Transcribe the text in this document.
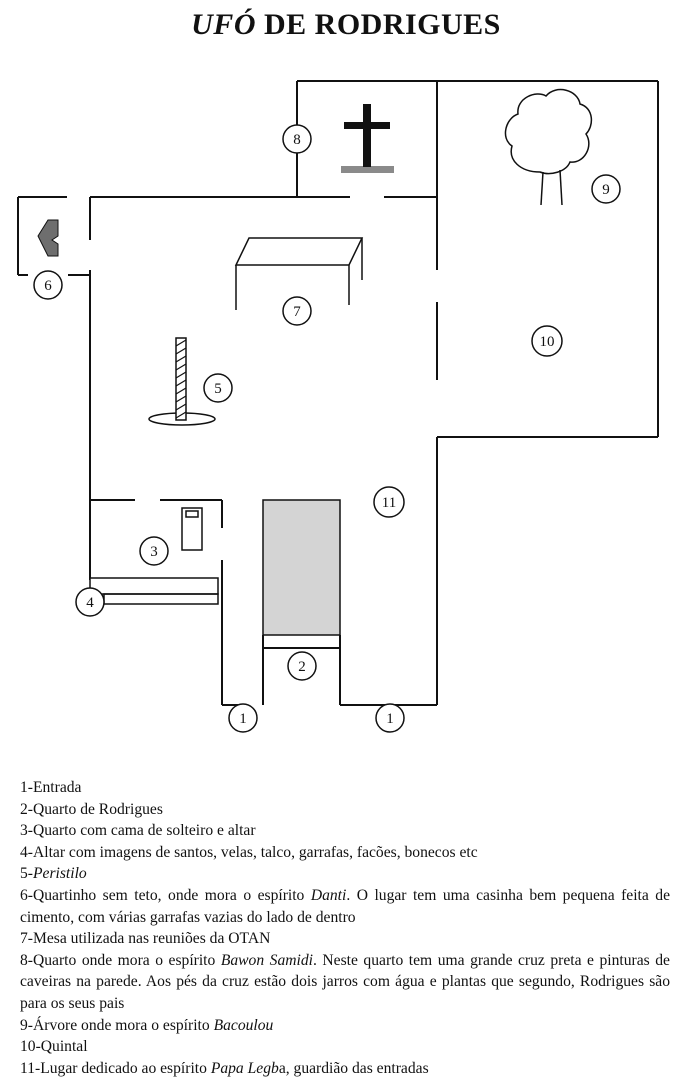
UFÓ DE RODRIGUES
1	1
2
3
4
5
6
7
8
9
10
11
1-Entrada
2-Quarto de Rodrigues
3-Quarto com cama de solteiro e altar
4-Altar com imagens de santos, velas, talco, garrafas, facões, bonecos etc
5-Peristilo
6-Quartinho sem teto, onde mora o espírito Danti. O lugar tem uma casinha bem pequena feita de cimento, com várias garrafas vazias do lado de dentro
7-Mesa utilizada nas reuniões da OTAN
8-Quarto onde mora o espírito Bawon Samidi. Neste quarto tem uma grande cruz preta e pinturas de caveiras na parede. Aos pés da cruz estão dois jarros com água e plantas que segundo, Rodrigues são para os seus pais
9-Árvore onde mora o espírito Bacoulou
10-Quintal
11-Lugar dedicado ao espírito Papa Legba, guardião das entradas
